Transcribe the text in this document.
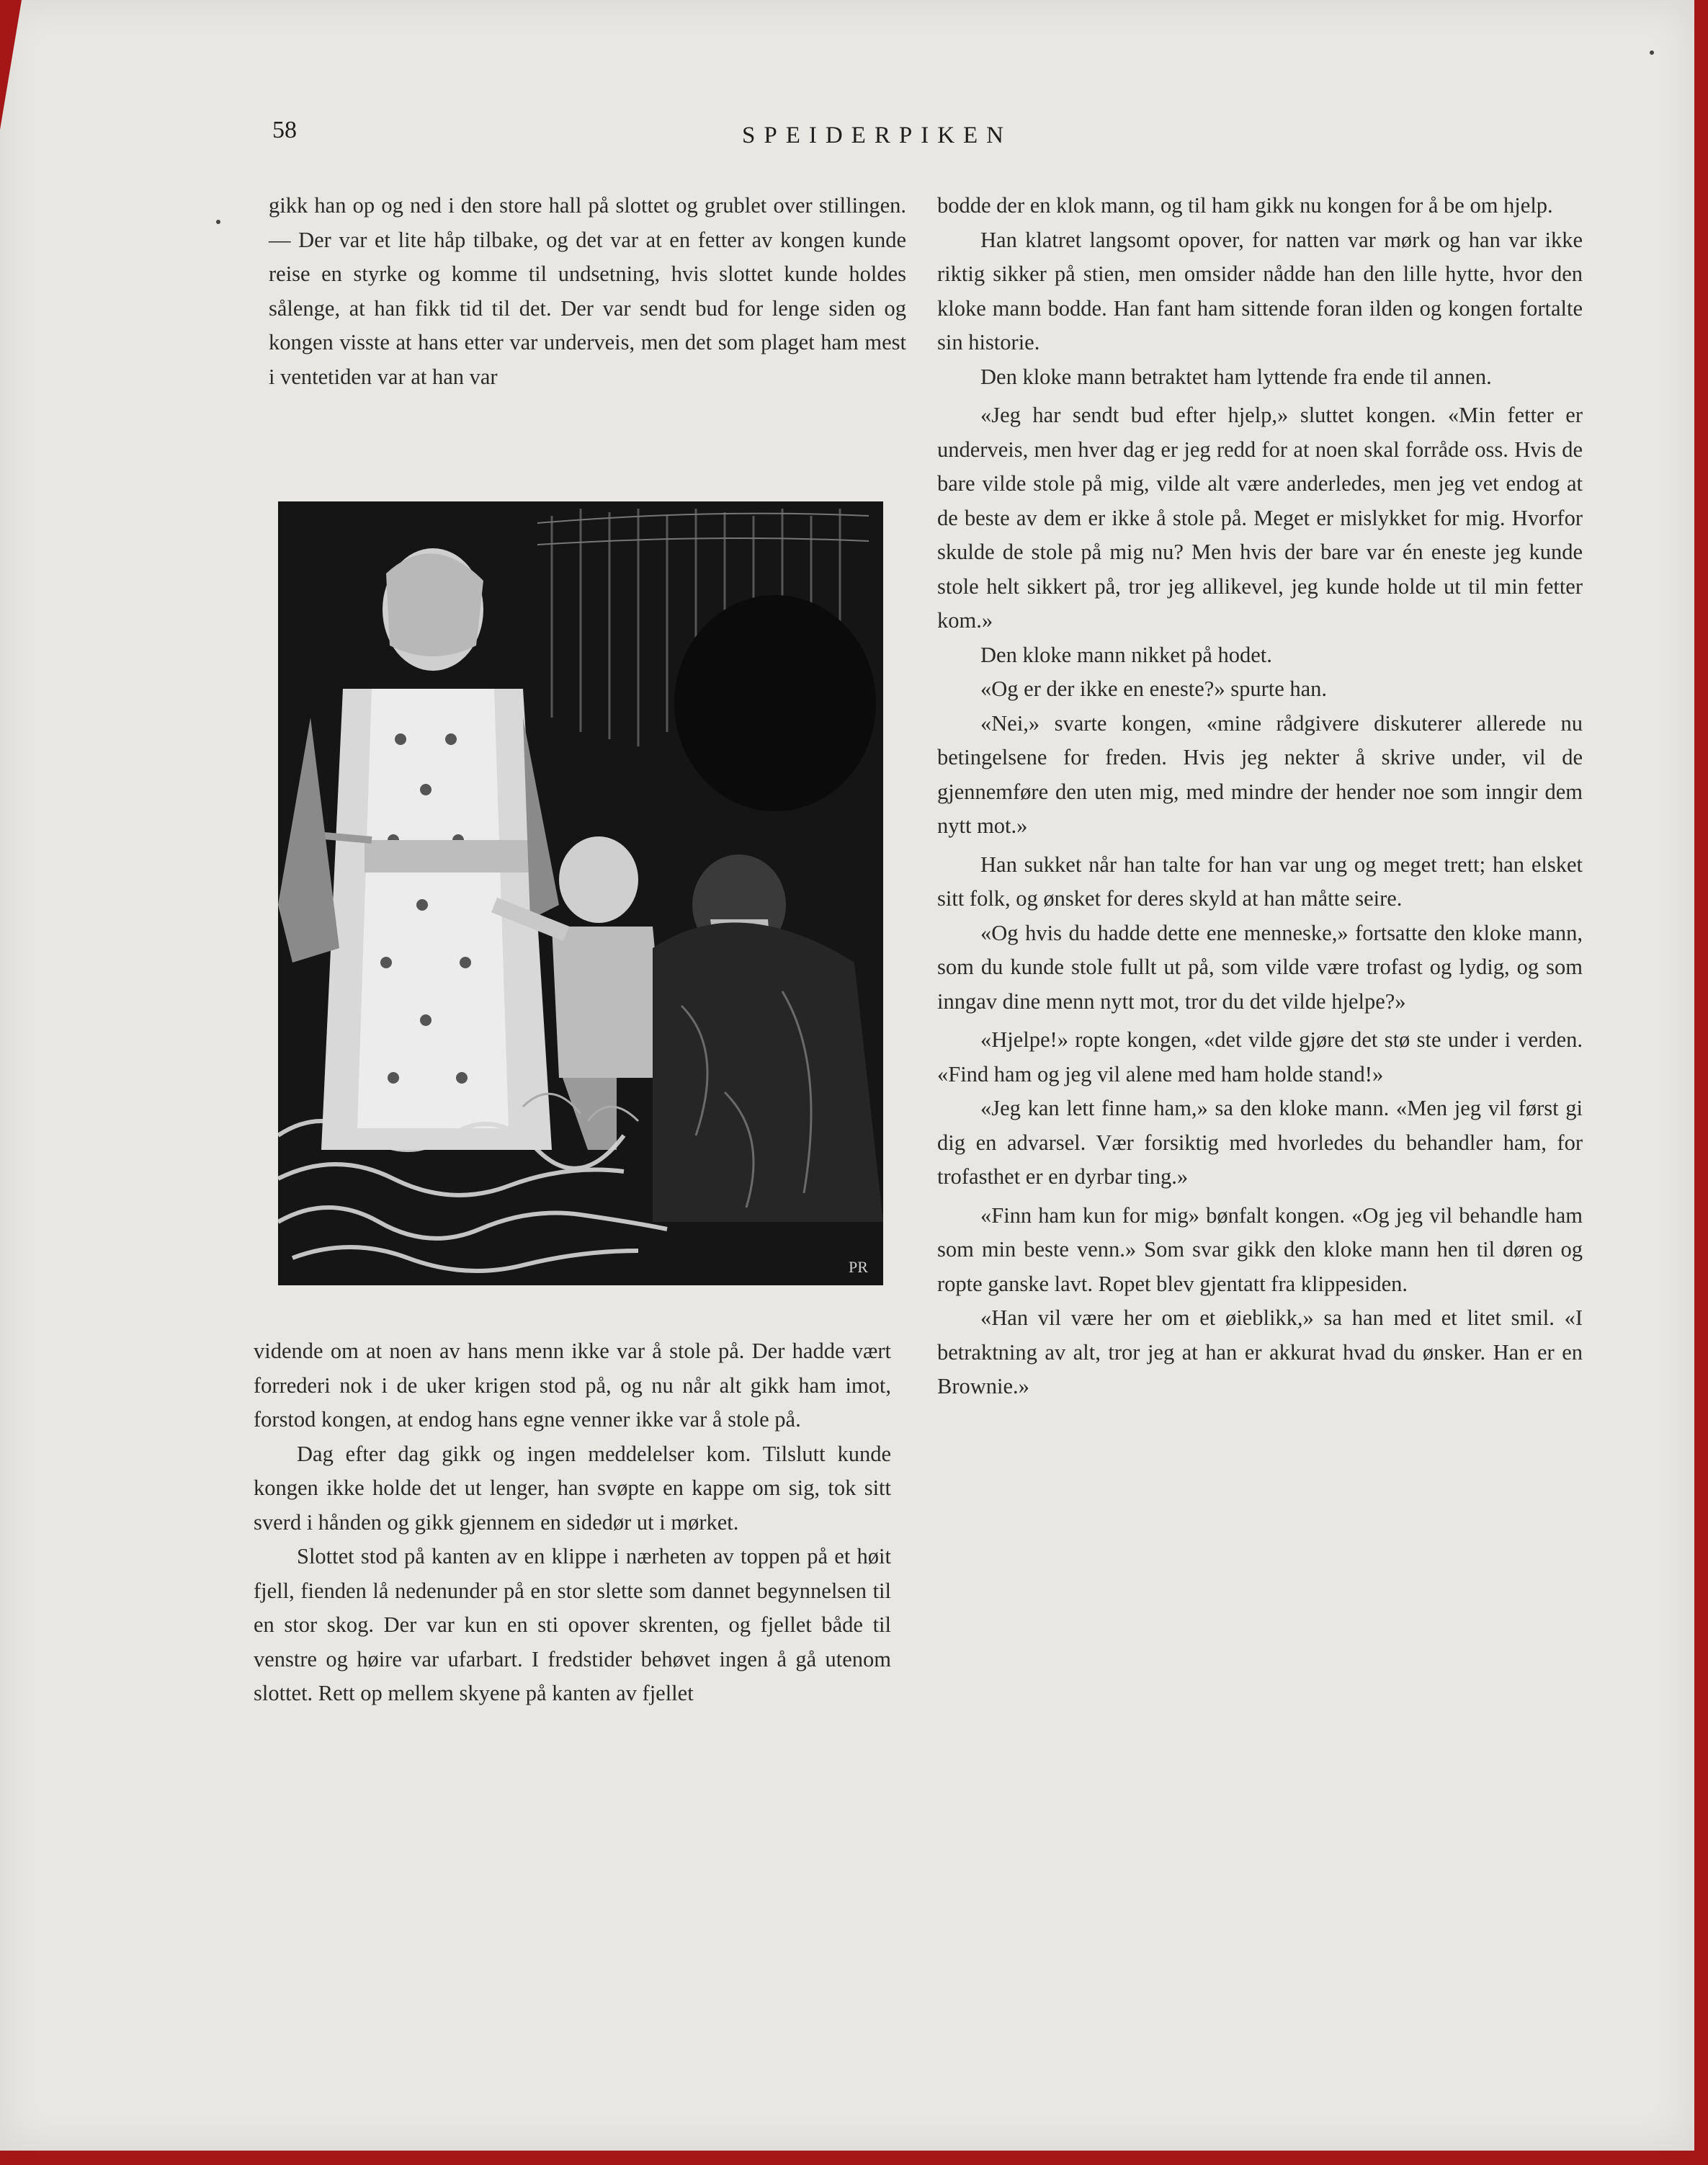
58	SPEIDERPIKEN

gikk han op og ned i den store hall på slottet og grublet over stillingen. — Der var et lite håp tilbake, og det var at en fetter av kongen kunde reise en styrke og komme til undsetning, hvis slottet kunde holdes sålenge, at han fikk tid til det. Der var sendt bud for lenge siden og kongen visste at hans etter var underveis, men det som plaget ham mest i ventetiden var at han var

PR

vidende om at noen av hans menn ikke var å stole på. Der hadde vært forrederi nok i de uker krigen stod på, og nu når alt gikk ham imot, forstod kongen, at endog hans egne venner ikke var å stole på.

Dag efter dag gikk og ingen meddelelser kom. Tilslutt kunde kongen ikke holde det ut lenger, han svøpte en kappe om sig, tok sitt sverd i hånden og gikk gjennem en sidedør ut i mørket.

Slottet stod på kanten av en klippe i nærheten av toppen på et høit fjell, fienden lå nedenunder på en stor slette som dannet begynnelsen til en stor skog. Der var kun en sti opover skrenten, og fjellet både til venstre og høire var ufarbart. I fredstider behøvet ingen å gå utenom slottet. Rett op mellem skyene på kanten av fjellet

bodde der en klok mann, og til ham gikk nu kongen for å be om hjelp.

Han klatret langsomt opover, for natten var mørk og han var ikke riktig sikker på stien, men omsider nådde han den lille hytte, hvor den kloke mann bodde. Han fant ham sittende foran ilden og kongen fortalte sin historie.

Den kloke mann betraktet ham lyttende fra ende til annen.

«Jeg har sendt bud efter hjelp,» sluttet kongen. «Min fetter er underveis, men hver dag er jeg redd for at noen skal forråde oss. Hvis de bare vilde stole på mig, vilde alt være anderledes, men jeg vet endog at de beste av dem er ikke å stole på. Meget er mislykket for mig. Hvorfor skulde de stole på mig nu? Men hvis der bare var én eneste jeg kunde stole helt sikkert på, tror jeg allikevel, jeg kunde holde ut til min fetter kom.»

Den kloke mann nikket på hodet.

«Og er der ikke en eneste?» spurte han.

«Nei,» svarte kongen, «mine rådgivere diskuterer allerede nu betingelsene for freden. Hvis jeg nekter å skrive under, vil de gjennemføre den uten mig, med mindre der hender noe som inngir dem nytt mot.»

Han sukket når han talte for han var ung og meget trett; han elsket sitt folk, og ønsket for deres skyld at han måtte seire.

«Og hvis du hadde dette ene menneske,» fortsatte den kloke mann, som du kunde stole fullt ut på, som vilde være trofast og lydig, og som inngav dine menn nytt mot, tror du det vilde hjelpe?»

«Hjelpe!» ropte kongen, «det vilde gjøre det stø ste under i verden. «Find ham og jeg vil alene med ham holde stand!»

«Jeg kan lett finne ham,» sa den kloke mann. «Men jeg vil først gi dig en advarsel. Vær forsiktig med hvorledes du behandler ham, for trofasthet er en dyrbar ting.»

«Finn ham kun for mig» bønfalt kongen. «Og jeg vil behandle ham som min beste venn.» Som svar gikk den kloke mann hen til døren og ropte ganske lavt. Ropet blev gjentatt fra klippesiden.

«Han vil være her om et øieblikk,» sa han med et litet smil. «I betraktning av alt, tror jeg at han er akkurat hvad du ønsker. Han er en Brownie.»
